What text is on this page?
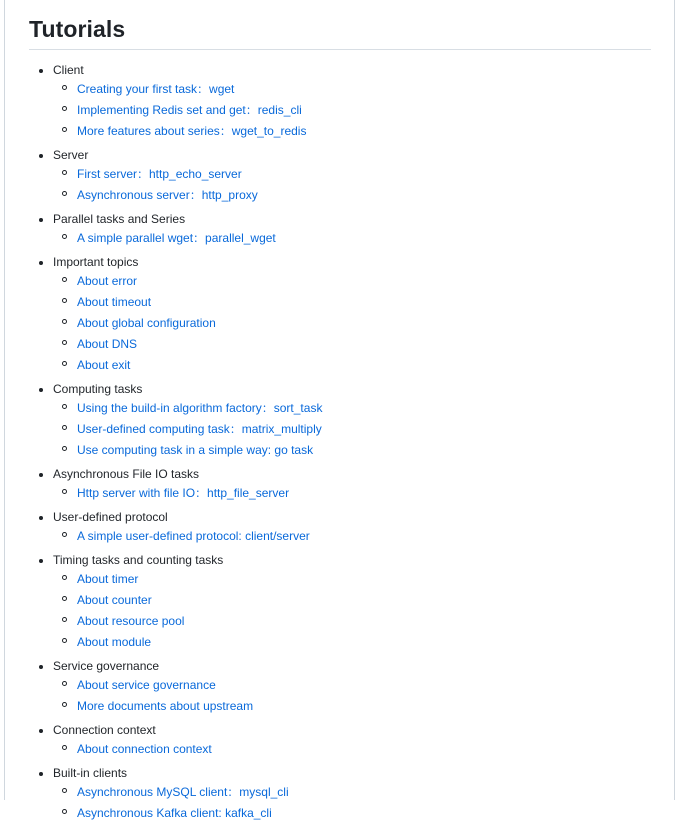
Tutorials
Client
Creating your first task：wget
Implementing Redis set and get：redis_cli
More features about series：wget_to_redis
Server
First server：http_echo_server
Asynchronous server：http_proxy
Parallel tasks and Series
A simple parallel wget：parallel_wget
Important topics
About error
About timeout
About global configuration
About DNS
About exit
Computing tasks
Using the build-in algorithm factory：sort_task
User-defined computing task：matrix_multiply
Use computing task in a simple way: go task
Asynchronous File IO tasks
Http server with file IO：http_file_server
User-defined protocol
A simple user-defined protocol: client/server
Timing tasks and counting tasks
About timer
About counter
About resource pool
About module
Service governance
About service governance
More documents about upstream
Connection context
About connection context
Built-in clients
Asynchronous MySQL client：mysql_cli
Asynchronous Kafka client: kafka_cli
